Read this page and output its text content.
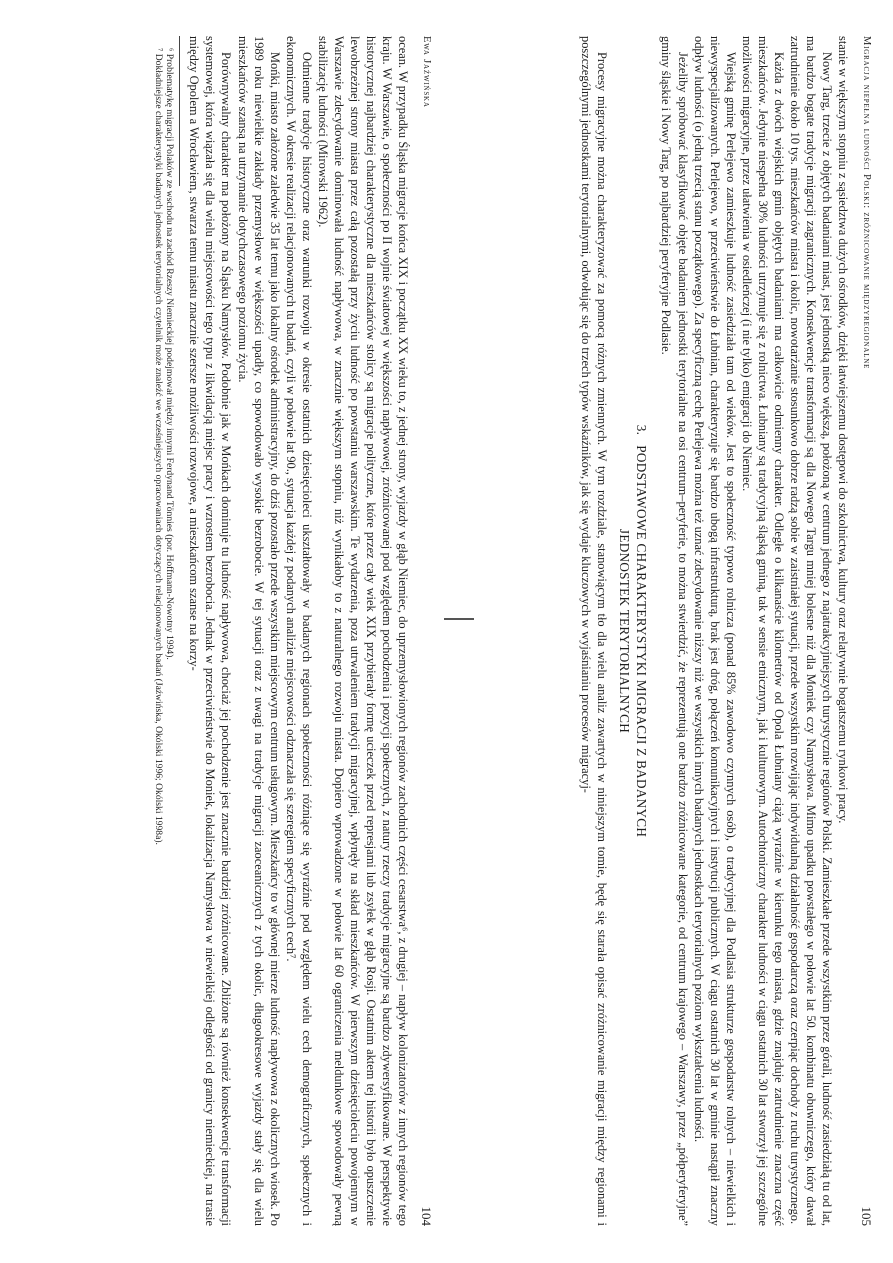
Ewa Jaźwińska
104

ocean. W przypadku Śląska migracje końca XIX i początku XX wieku to, z jednej strony, wyjazdy w głąb Niemiec, do uprzemysłowionych regionów zachodnich części cesarstwa⁶, z drugiej – napływ kolonizatorów z innych regionów tego kraju. W Warszawie, o społeczności po II wojnie światowej w większości napływowej, zróżnicowanej pod względem pochodzenia i pozycji społecznych, z natury rzeczy tradycje migracyjne są bardzo zdywersyfikowane. W perspektywie historycznej najbardziej charakterystyczne dla mieszkańców stolicy są migracje polityczne, które przez cały wiek XIX przybierały formę ucieczek przed represjami lub zsyłek w głąb Rosji. Ostatnim aktem tej historii było opuszczenie lewobrzeżnej strony miasta przez całą pozostałą przy życiu ludność po powstaniu warszawskim. Te wydarzenia, poza utrwaleniem tradycji migracyjnej, wpłynęły na skład mieszkańców. W pierwszym dziesięcioleciu powojennym w Warszawie zdecydowanie dominowała ludność napływowa, w znacznie większym stopniu, niż wynikałoby to z naturalnego rozwoju miasta. Dopiero wprowadzone w połowie lat 60 ograniczenia meldunkowe spowodowały pewną stabilizację ludności (Mirowski 1962).

Odmienne tradycje historyczne oraz warunki rozwoju w okresie ostatnich dziesięcioleci ukształtowały w badanych regionach społeczności różniące się wyraźnie pod względem wielu cech demograficznych, społecznych i ekonomicznych. W okresie realizacji relacjonowanych tu badań, czyli w połowie lat 90., sytuacja każdej z podanych analizie miejscowości odznaczała się szeregiem specyficznych cech⁷.

Mońki, miasto założone zaledwie 35 lat temu jako lokalny ośrodek administracyjny, do dziś pozostało przede wszystkim miejscowym centrum usługowym. Mieszkańcy to w głównej mierze ludność napływowa z okolicznych wiosek. Po 1989 roku niewielkie zakłady przemysłowe w większości upadły, co spowodowało wysokie bezrobocie. W tej sytuacji oraz z uwagi na tradycje migracji zaoceanicznych z tych okolic, długookresowe wyjazdy stały się dla wielu mieszkańców szansą na utrzymanie dotychczasowego poziomu życia.

Porównywalny charakter ma położony na Śląsku Namysłów. Podobnie jak w Mońkach dominuje tu ludność napływowa, chociaż jej pochodzenie jest znacznie bardziej zróżnicowane. Zbliżone są również konsekwencje transformacji systemowej, która wiązała się dla wielu miejscowości tego typu z likwidacją miejsc pracy i wzrostem bezrobocia. Jednak w przeciwieństwie do Moniek, lokalizacja Namysłowa w niewielkiej odległości od granicy niemieckiej, na trasie między Opolem a Wrocławiem, stwarza temu miastu znacznie szersze możliwości rozwojowe, a mieszkańcom szanse na korzy-

⁶ Problematykę migracji Polaków ze wschodu na zachód Rzeszy Niemieckiej podejmował między innymi Ferdynand Tönnies (por. Hoffmann-Nowotny 1994).

⁷ Dokładniejsze charakterystyki badanych jednostek terytorialnych czytelnik może znaleźć we wcześniejszych opracowaniach dotyczących relacjonowanych badań (Jaźwińska, Okólski 1996; Okólski 1998a).	Migracja niepełna ludności Polski: zróżnicowanie międzyregionalne
105

stanie w większym stopniu z sąsiedztwa dużych ośrodków, dzięki łatwiejszemu dostępowi do szkolnictwa, kultury oraz relatywnie bogatszemu rynkowi pracy.

Nowy Targ, trzecie z objętych badaniami miast, jest jednostką nieco większą, położoną w centrum jednego z najatrakcyjniejszych turystycznie regionów Polski. Zamieszkałe przede wszystkim przez górali, ludność zasiedziałą tu od lat, ma bardzo bogate tradycje migracji zagranicznych. Konsekwencje transformacji są dla Nowego Targu mniej bolesne niż dla Moniek czy Namysłowa. Mimo upadku powstałego w połowie lat 50. kombinatu obuwniczego, który dawał zatrudnienie około 10 tys. mieszkańców miasta i okolic, nowotarżanie stosunkowo dobrze radzą sobie w zaistniałej sytuacji, przede wszystkim rozwijając indywidualną działalność gospodarczą oraz czerpiąc dochody z ruchu turystycznego.

Każda z dwóch wiejskich gmin objętych badaniami ma całkowicie odmienny charakter. Odległe o kilkanaście kilometrów od Opola Łubniany ciążą wyraźnie w kierunku tego miasta, gdzie znajduje zatrudnienie znaczna część mieszkańców. Jedynie niespełna 30% ludności utrzymuje się z rolnictwa. Łubniany są tradycyjną śląską gminą, tak w sensie etnicznym, jak i kulturowym. Autochtoniczny charakter ludności w ciągu ostatnich 30 lat stworzył jej szczególne możliwości migracyjne, przez ułatwienia w osiedleńczej (i nie tylko) emigracji do Niemiec.

Wiejską gminę Perlejewo zamieszkuje ludność zasiedziała tam od wieków. Jest to społeczność typowo rolnicza (ponad 85% zawodowo czynnych osób), o tradycyjnej dla Podlasia strukturze gospodarstw rolnych – niewielkich i niewyspecjalizowanych. Perlejewo, w przeciwieństwie do Łubnian, charakteryzuje się bardzo ubogą infrastrukturą, brak jest dróg, połączeń komunikacyjnych i instytucji publicznych. W ciągu ostatnich 30 lat w gminie nastąpił znaczny odpływ ludności (o jedną trzecią stanu początkowego). Za specyficzną cechę Perlejewa można też uznać zdecydowanie niższy niż we wszystkich innych badanych jednostkach terytorialnych poziom wykształcenia ludności.

Jeżeliby spróbować klasyfikować objęte badaniem jednostki terytorialne na osi centrum–peryferie, to można stwierdzić, że reprezentują one bardzo zróżnicowane kategorie, od centrum krajowego – Warszawy, przez „półperyferyjne” gminy śląskie i Nowy Targ, po najbardziej peryferyjne Podlasie.

3.PODSTAWOWE CHARAKTERYSTYKI MIGRACJI Z BADANYCH
JEDNOSTEK TERYTORIALNYCH

Procesy migracyjne można charakteryzować za pomocą różnych zmiennych. W tym rozdziale, stanowiącym tło dla wielu analiz zawartych w niniejszym tomie, będę się starała opisać zróżnicowanie migracji między regionami i poszczególnymi jednostkami terytorialnymi, odwołując się do trzech typów wskaźników, jak się wydaje kluczowych w wyjaśnianiu procesów migracyj-
